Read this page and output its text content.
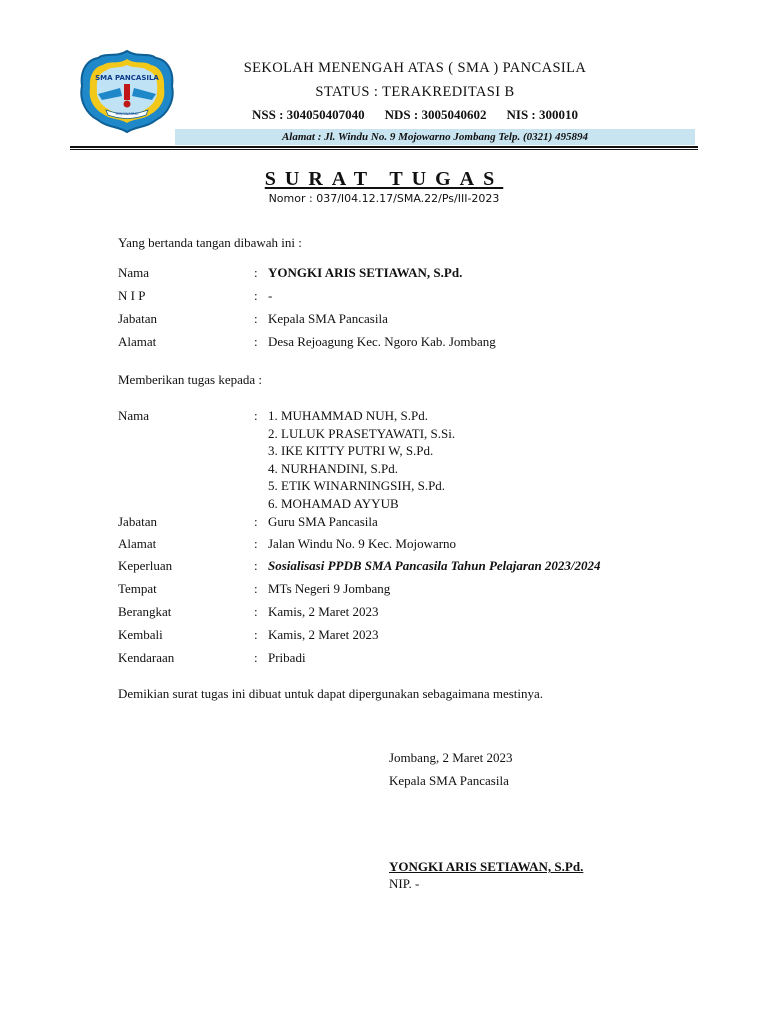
SMA PANCASILA
MOJOWARNO
SEKOLAH MENENGAH ATAS ( SMA ) PANCASILA
STATUS : TERAKREDITASI B
NSS : 304050407040 NDS : 3005040602 NIS : 300010
Alamat : Jl. Windu No. 9 Mojowarno Jombang Telp. (0321) 495894
SURAT TUGAS
Nomor : 037/I04.12.17/SMA.22/Ps/III-2023
Yang bertanda tangan dibawah ini :
Nama	: YONGKI ARIS SETIAWAN, S.Pd.
N I P	: -
Jabatan	: Kepala SMA Pancasila
Alamat	: Desa Rejoagung Kec. Ngoro Kab. Jombang
Memberikan tugas kepada :
Nama	: 1. MUHAMMAD NUH, S.Pd.
2. LULUK PRASETYAWATI, S.Si.
3. IKE KITTY PUTRI W, S.Pd.
4. NURHANDINI, S.Pd.
5. ETIK WINARNINGSIH, S.Pd.
6. MOHAMAD AYYUB
Jabatan	: Guru SMA Pancasila
Alamat	: Jalan Windu No. 9 Kec. Mojowarno
Keperluan	: Sosialisasi PPDB SMA Pancasila Tahun Pelajaran 2023/2024
Tempat	: MTs Negeri 9 Jombang
Berangkat	: Kamis, 2 Maret 2023
Kembali	: Kamis, 2 Maret 2023
Kendaraan	: Pribadi
Demikian surat tugas ini dibuat untuk dapat dipergunakan sebagaimana mestinya.
Jombang, 2 Maret 2023
Kepala SMA Pancasila
YONGKI ARIS SETIAWAN, S.Pd.
NIP. -
